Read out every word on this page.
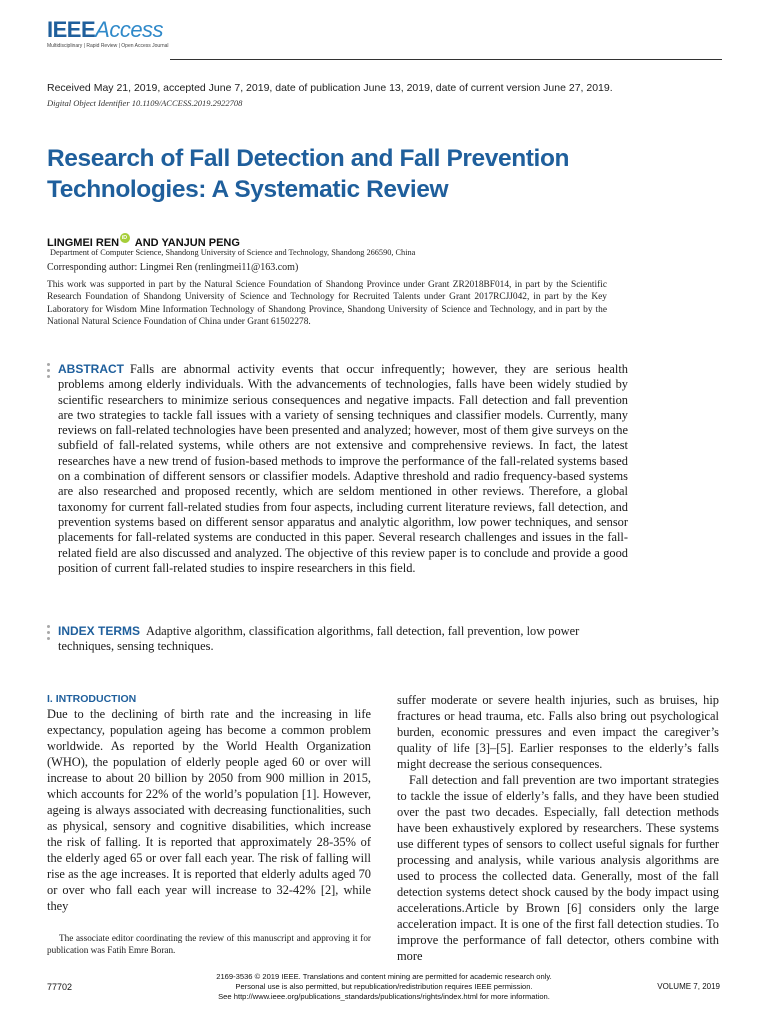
IEEEAccess
Multidisciplinary | Rapid Review | Open Access Journal
Received May 21, 2019, accepted June 7, 2019, date of publication June 13, 2019, date of current version June 27, 2019.
Digital Object Identifier 10.1109/ACCESS.2019.2922708
Research of Fall Detection and Fall Prevention Technologies: A Systematic Review
LINGMEI RENiD AND YANJUN PENG
Department of Computer Science, Shandong University of Science and Technology, Shandong 266590, China
Corresponding author: Lingmei Ren (renlingmei11@163.com)
This work was supported in part by the Natural Science Foundation of Shandong Province under Grant ZR2018BF014, in part by the Scientific Research Foundation of Shandong University of Science and Technology for Recruited Talents under Grant 2017RCJJ042, in part by the Key Laboratory for Wisdom Mine Information Technology of Shandong Province, Shandong University of Science and Technology, and in part by the National Natural Science Foundation of China under Grant 61502278.
ABSTRACT Falls are abnormal activity events that occur infrequently; however, they are serious health problems among elderly individuals. With the advancements of technologies, falls have been widely studied by scientific researchers to minimize serious consequences and negative impacts. Fall detection and fall prevention are two strategies to tackle fall issues with a variety of sensing techniques and classifier models. Currently, many reviews on fall-related technologies have been presented and analyzed; however, most of them give surveys on the subfield of fall-related systems, while others are not extensive and comprehensive reviews. In fact, the latest researches have a new trend of fusion-based methods to improve the performance of the fall-related systems based on a combination of different sensors or classifier models. Adaptive threshold and radio frequency-based systems are also researched and proposed recently, which are seldom mentioned in other reviews. Therefore, a global taxonomy for current fall-related studies from four aspects, including current literature reviews, fall detection, and prevention systems based on different sensor apparatus and analytic algorithm, low power techniques, and sensor placements for fall-related systems are conducted in this paper. Several research challenges and issues in the fall-related field are also discussed and analyzed. The objective of this review paper is to conclude and provide a good position of current fall-related studies to inspire researchers in this field.
INDEX TERMS Adaptive algorithm, classification algorithms, fall detection, fall prevention, low power techniques, sensing techniques.
I. INTRODUCTION

Due to the declining of birth rate and the increasing in life expectancy, population ageing has become a common problem worldwide. As reported by the World Health Organization (WHO), the population of elderly people aged 60 or over will increase to about 20 billion by 2050 from 900 million in 2015, which accounts for 22% of the world’s population [1]. However, ageing is always associated with decreasing functionalities, such as physical, sensory and cognitive disabilities, which increase the risk of falling. It is reported that approximately 28-35% of the elderly aged 65 or over fall each year. The risk of falling will rise as the age increases. It is reported that elderly adults aged 70 or over who fall each year will increase to 32-42% [2], while they

The associate editor coordinating the review of this manuscript and approving it for publication was Fatih Emre Boran.

suffer moderate or severe health injuries, such as bruises, hip fractures or head trauma, etc. Falls also bring out psychological burden, economic pressures and even impact the caregiver’s quality of life [3]–[5]. Earlier responses to the elderly’s falls might decrease the serious consequences.

Fall detection and fall prevention are two important strategies to tackle the issue of elderly’s falls, and they have been studied over the past two decades. Especially, fall detection methods have been exhaustively explored by researchers. These systems use different types of sensors to collect useful signals for further processing and analysis, while various analysis algorithms are used to process the collected data. Generally, most of the fall detection systems detect shock caused by the body impact using accelerations.Article by Brown [6] considers only the large acceleration impact. It is one of the first fall detection studies. To improve the performance of fall detector, others combine with more

77702
2169-3536 © 2019 IEEE. Translations and content mining are permitted for academic research only.
Personal use is also permitted, but republication/redistribution requires IEEE permission.
See http://www.ieee.org/publications_standards/publications/rights/index.html for more information.
VOLUME 7, 2019
